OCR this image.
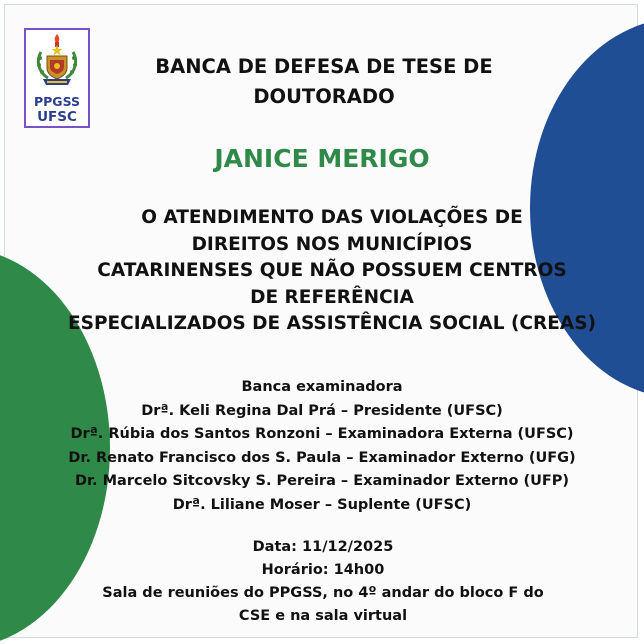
PPGSS
UFSC
BANCA DE DEFESA DE TESE DE
DOUTORADO
JANICE MERIGO
O ATENDIMENTO DAS VIOLAÇÕES DE
DIREITOS NOS MUNICÍPIOS
CATARINENSES QUE NÃO POSSUEM CENTROS
DE REFERÊNCIA
ESPECIALIZADOS DE ASSISTÊNCIA SOCIAL (CREAS)
Banca examinadora
Drª. Keli Regina Dal Prá – Presidente (UFSC)
Drª. Rúbia dos Santos Ronzoni – Examinadora Externa (UFSC)
Dr. Renato Francisco dos S. Paula – Examinador Externo (UFG)
Dr. Marcelo Sitcovsky S. Pereira – Examinador Externo (UFP)
Drª. Liliane Moser – Suplente (UFSC)
Data: 11/12/2025
Horário: 14h00
Sala de reuniões do PPGSS, no 4º andar do bloco F do
CSE e na sala virtual
